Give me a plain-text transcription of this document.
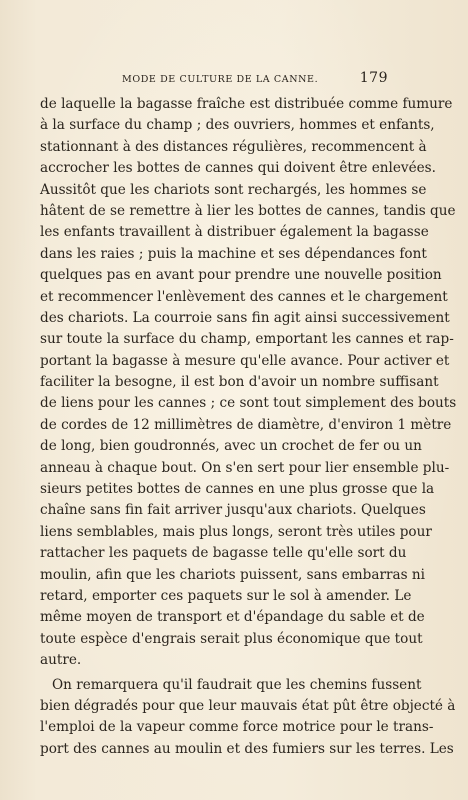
MODE DE CULTURE DE LA CANNE.	179
de laquelle la bagasse fraîche est distribuée comme fumure
à la surface du champ ; des ouvriers, hommes et enfants,
stationnant à des distances régulières, recommencent à
accrocher les bottes de cannes qui doivent être enlevées.
Aussitôt que les chariots sont rechargés, les hommes se
hâtent de se remettre à lier les bottes de cannes, tandis que
les enfants travaillent à distribuer également la bagasse
dans les raies ; puis la machine et ses dépendances font
quelques pas en avant pour prendre une nouvelle position
et recommencer l'enlèvement des cannes et le chargement
des chariots. La courroie sans fin agit ainsi successivement
sur toute la surface du champ, emportant les cannes et rap-
portant la bagasse à mesure qu'elle avance. Pour activer et
faciliter la besogne, il est bon d'avoir un nombre suffisant
de liens pour les cannes ; ce sont tout simplement des bouts
de cordes de 12 millimètres de diamètre, d'environ 1 mètre
de long, bien goudronnés, avec un crochet de fer ou un
anneau à chaque bout. On s'en sert pour lier ensemble plu-
sieurs petites bottes de cannes en une plus grosse que la
chaîne sans fin fait arriver jusqu'aux chariots. Quelques
liens semblables, mais plus longs, seront très utiles pour
rattacher les paquets de bagasse telle qu'elle sort du
moulin, afin que les chariots puissent, sans embarras ni
retard, emporter ces paquets sur le sol à amender. Le
même moyen de transport et d'épandage du sable et de
toute espèce d'engrais serait plus économique que tout
autre.
On remarquera qu'il faudrait que les chemins fussent
bien dégradés pour que leur mauvais état pût être objecté à
l'emploi de la vapeur comme force motrice pour le trans-
port des cannes au moulin et des fumiers sur les terres. Les
